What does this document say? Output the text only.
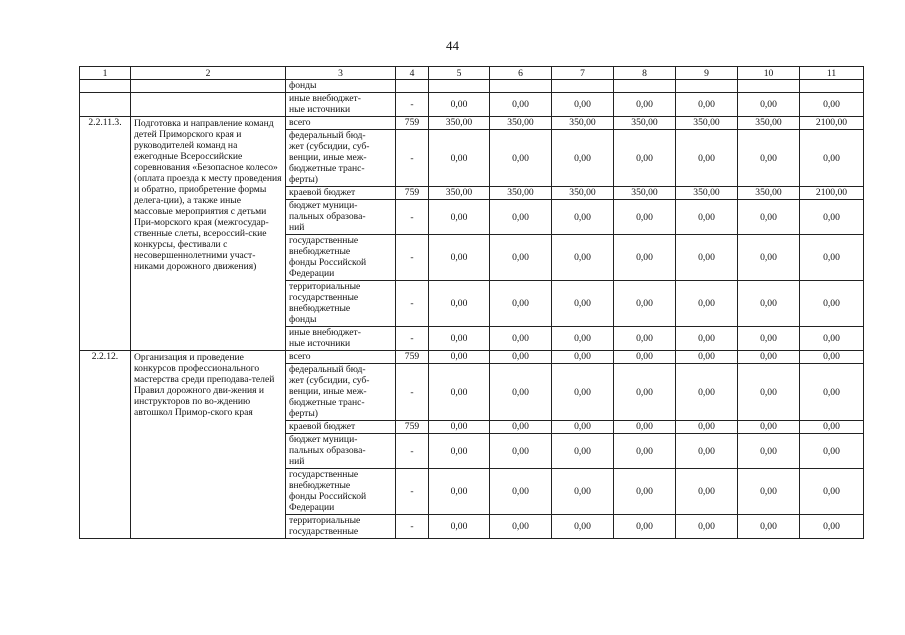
44
1	2	3	4	5	6	7	8	9	10	11
		фонды								
		иные внебюджет-
ные источники	-	0,00	0,00	0,00	0,00	0,00	0,00	0,00
2.2.11.3.	Подготовка и направление команд детей Приморского края и руководителей команд на ежегодные Всероссийские соревнования «Безопасное колесо» (оплата проезда к месту проведения и обратно, приобретение формы делега-ции), а также иные массовые мероприятия с детьми При-морского края (межгосудар-ственные слеты, всероссий-ские конкурсы, фестивали с несовершеннолетними участ-никами дорожного движения)	всего	759	350,00	350,00	350,00	350,00	350,00	350,00	2100,00
		федеральный бюд-
жет (субсидии, суб-
венции, иные меж-
бюджетные транс-
ферты)	-	0,00	0,00	0,00	0,00	0,00	0,00	0,00
		краевой бюджет	759	350,00	350,00	350,00	350,00	350,00	350,00	2100,00
		бюджет муници-
пальных образова-
ний	-	0,00	0,00	0,00	0,00	0,00	0,00	0,00
		государственные
внебюджетные
фонды Российской
Федерации	-	0,00	0,00	0,00	0,00	0,00	0,00	0,00
		территориальные
государственные
внебюджетные
фонды	-	0,00	0,00	0,00	0,00	0,00	0,00	0,00
		иные внебюджет-
ные источники	-	0,00	0,00	0,00	0,00	0,00	0,00	0,00
2.2.12.	Организация и проведение конкурсов профессионального мастерства среди преподава-телей Правил дорожного дви-жения и инструкторов по во-ждению автошкол Примор-ского края	всего	759	0,00	0,00	0,00	0,00	0,00	0,00	0,00
		федеральный бюд-
жет (субсидии, суб-
венции, иные меж-
бюджетные транс-
ферты)	-	0,00	0,00	0,00	0,00	0,00	0,00	0,00
		краевой бюджет	759	0,00	0,00	0,00	0,00	0,00	0,00	0,00
		бюджет муници-
пальных образова-
ний	-	0,00	0,00	0,00	0,00	0,00	0,00	0,00
		государственные
внебюджетные
фонды Российской
Федерации	-	0,00	0,00	0,00	0,00	0,00	0,00	0,00
		территориальные
государственные	-	0,00	0,00	0,00	0,00	0,00	0,00	0,00
